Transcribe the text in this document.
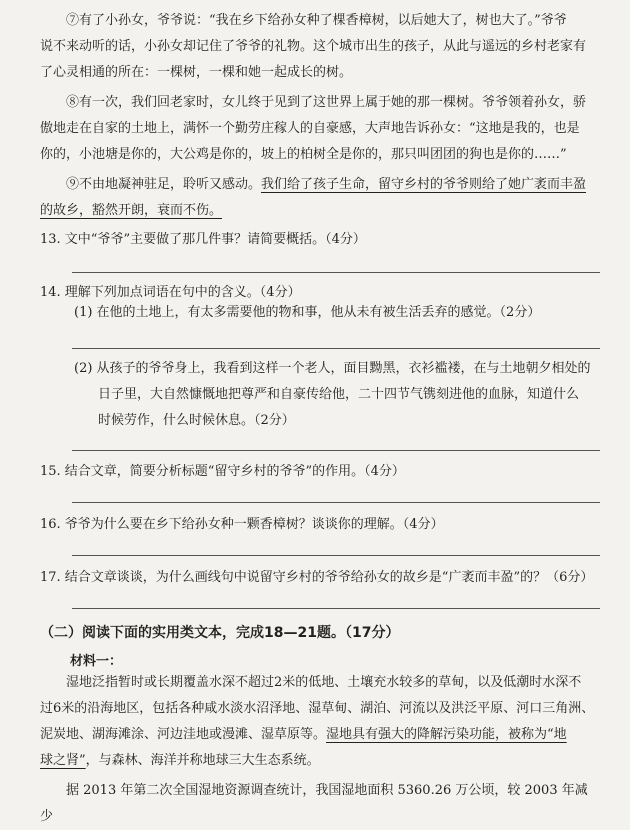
⑦有了小孙女，爷爷说：“我在乡下给孙女种了棵香樟树，以后她大了，树也大了。”爷爷

说不来动听的话，小孙女却记住了爷爷的礼物。这个城市出生的孩子，从此与遥远的乡村老家有

了心灵相通的所在：一棵树，一棵和她一起成长的树。

⑧有一次，我们回老家时，女儿终于见到了这世界上属于她的那一棵树。爷爷领着孙女，骄

傲地走在自家的土地上，满怀一个勤劳庄稼人的自豪感，大声地告诉孙女：“这地是我的，也是

你的，小池塘是你的，大公鸡是你的，坡上的柏树全是你的，那只叫团团的狗也是你的……”

⑨不由地凝神驻足，聆听又感动。我们给了孩子生命，留守乡村的爷爷则给了她广袤而丰盈

的故乡，豁然开朗，衰而不伤。

13. 文中“爷爷”主要做了那几件事？请简要概括。（4分）
14. 理解下列加点词语在句中的含义。（4分）
(1) 在他的土地上，有太多需要他的物和事，他从未有被生活丢弃的感觉。（2分）

(2) 从孩子的爷爷身上，我看到这样一个老人，面目黝黑，衣衫褴褛，在与土地朝夕相处的

日子里，大自然慷慨地把尊严和自豪传给他，二十四节气镌刻进他的血脉，知道什么

时候劳作，什么时候休息。（2分）

15. 结合文章，简要分析标题“留守乡村的爷爷”的作用。（4分）
16. 爷爷为什么要在乡下给孙女种一颗香樟树？谈谈你的理解。（4分）
17. 结合文章谈谈，为什么画线句中说留守乡村的爷爷给孙女的故乡是“广袤而丰盈”的？（6分）
（二）阅读下面的实用类文本，完成18—21题。（17分）
材料一：

湿地泛指暂时或长期覆盖水深不超过2米的低地、土壤充水较多的草甸，以及低潮时水深不

过6米的沿海地区，包括各种咸水淡水沼泽地、湿草甸、湖泊、河流以及洪泛平原、河口三角洲、

泥炭地、湖海滩涂、河边洼地或漫滩、湿草原等。湿地具有强大的降解污染功能，被称为“地

球之肾”，与森林、海洋并称地球三大生态系统。

据 2013 年第二次全国湿地资源调查统计，我国湿地面积 5360.26 万公顷，较 2003 年减少
